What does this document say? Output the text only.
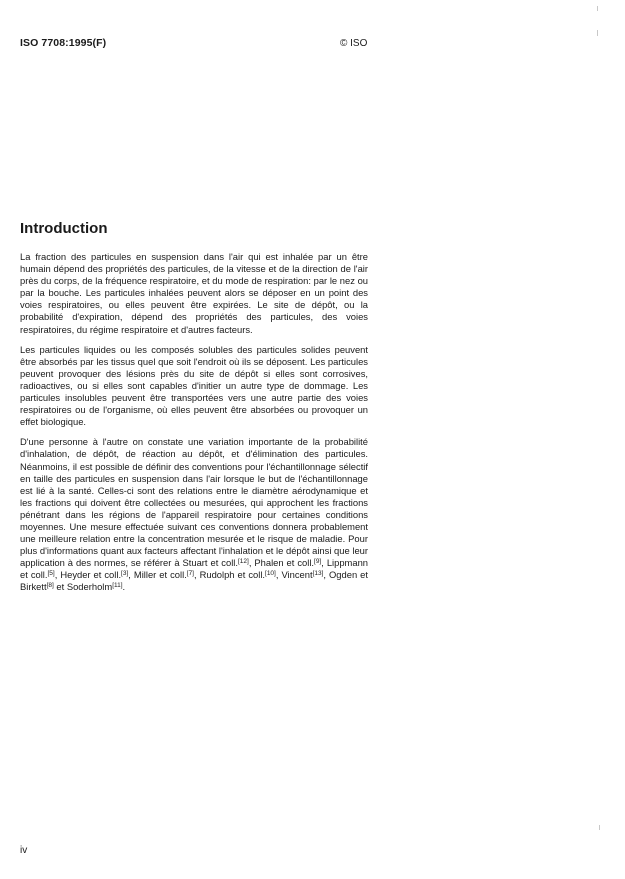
ISO 7708:1995(F)	© ISO
Introduction

La fraction des particules en suspension dans l'air qui est inhalée par un être humain dépend des propriétés des particules, de la vitesse et de la direction de l'air près du corps, de la fréquence respiratoire, et du mode de respiration: par le nez ou par la bouche. Les particules inhalées peuvent alors se déposer en un point des voies respiratoires, ou elles peuvent être expirées. Le site de dépôt, ou la probabilité d'expiration, dépend des propriétés des particules, des voies respiratoires, du régime respiratoire et d'autres facteurs.

Les particules liquides ou les composés solubles des particules solides peuvent être absorbés par les tissus quel que soit l'endroit où ils se déposent. Les particules peuvent provoquer des lésions près du site de dépôt si elles sont corrosives, radioactives, ou si elles sont capables d'initier un autre type de dommage. Les particules insolubles peuvent être transportées vers une autre partie des voies respiratoires ou de l'organisme, où elles peuvent être absorbées ou provoquer un effet biologique.

D'une personne à l'autre on constate une variation importante de la probabilité d'inhalation, de dépôt, de réaction au dépôt, et d'élimination des particules. Néanmoins, il est possible de définir des conventions pour l'échantillonnage sélectif en taille des particules en suspension dans l'air lorsque le but de l'échantillonnage est lié à la santé. Celles-ci sont des relations entre le diamètre aérodynamique et les fractions qui doivent être collectées ou mesurées, qui approchent les fractions pénétrant dans les régions de l'appareil respiratoire pour certaines conditions moyennes. Une mesure effectuée suivant ces conventions donnera probablement une meilleure relation entre la concentration mesurée et le risque de maladie. Pour plus d'informations quant aux facteurs affectant l'inhalation et le dépôt ainsi que leur application à des normes, se référer à Stuart et coll.[12], Phalen et coll.[9], Lippmann et coll.[5], Heyder et coll.[3], Miller et coll.[7], Rudolph et coll.[10], Vincent[13], Ogden et Birkett[8] et Soderholm[11].

iv
